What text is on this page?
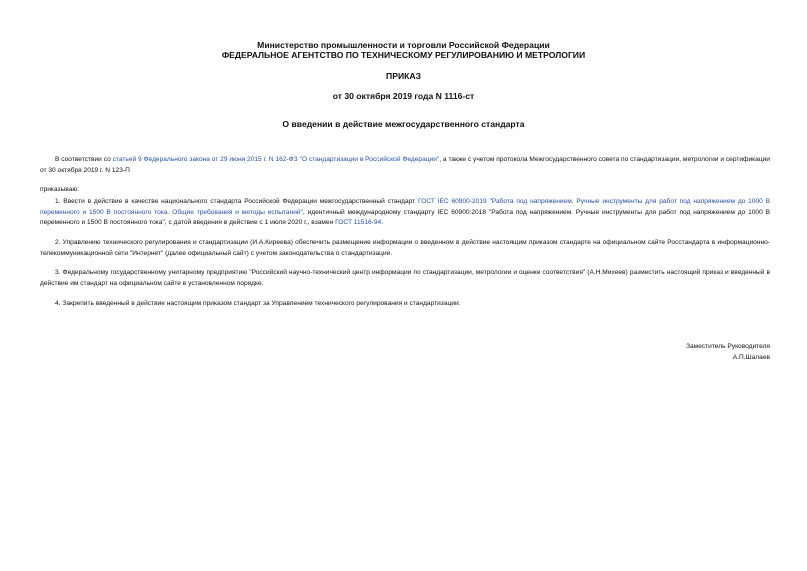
Министерство промышленности и торговли Российской Федерации
ФЕДЕРАЛЬНОЕ АГЕНТСТВО ПО ТЕХНИЧЕСКОМУ РЕГУЛИРОВАНИЮ И МЕТРОЛОГИИ
ПРИКАЗ
от 30 октября 2019 года N 1116-ст
О введении в действие межгосударственного стандарта
В соответствии со статьей 9 Федерального закона от 29 июня 2015 г. N 162-ФЗ "О стандартизации в Российской Федерации", а также с учетом протокола Межгосударственного совета по стандартизации, метрологии и сертификации от 30 октября 2019 г. N 123-П
приказываю:
1. Ввести в действие в качестве национального стандарта Российской Федерации межгосударственный стандарт ГОСТ IEC 60900-2019 "Работа под напряжением. Ручные инструменты для работ под напряжением до 1000 В переменного и 1500 В постоянного тока. Общие требования и методы испытаний", идентичный международному стандарту IEC 60900:2018 "Работа под напряжением. Ручные инструменты для работ под напряжением до 1000 В переменного и 1500 В постоянного тока", с датой введения в действие с 1 июля 2020 г., взамен ГОСТ 11516-94.
2. Управлению технического регулирования и стандартизации (И.А.Киреева) обеспечить размещение информации о введенном в действие настоящим приказом стандарте на официальном сайте Росстандарта в информационно-телекоммуникационной сети "Интернет" (далее официальный сайт) с учетом законодательства о стандартизации.
3. Федеральному государственному унитарному предприятию "Российский научно-технический центр информации по стандартизации, метрологии и оценке соответствия" (А.Н.Михеев) разместить настоящий приказ и введенный в действие им стандарт на официальном сайте в установленном порядке.
4. Закрепить введенный в действие настоящим приказом стандарт за Управлением технического регулирования и стандартизации.
Заместитель Руководителя
А.П.Шалаев
